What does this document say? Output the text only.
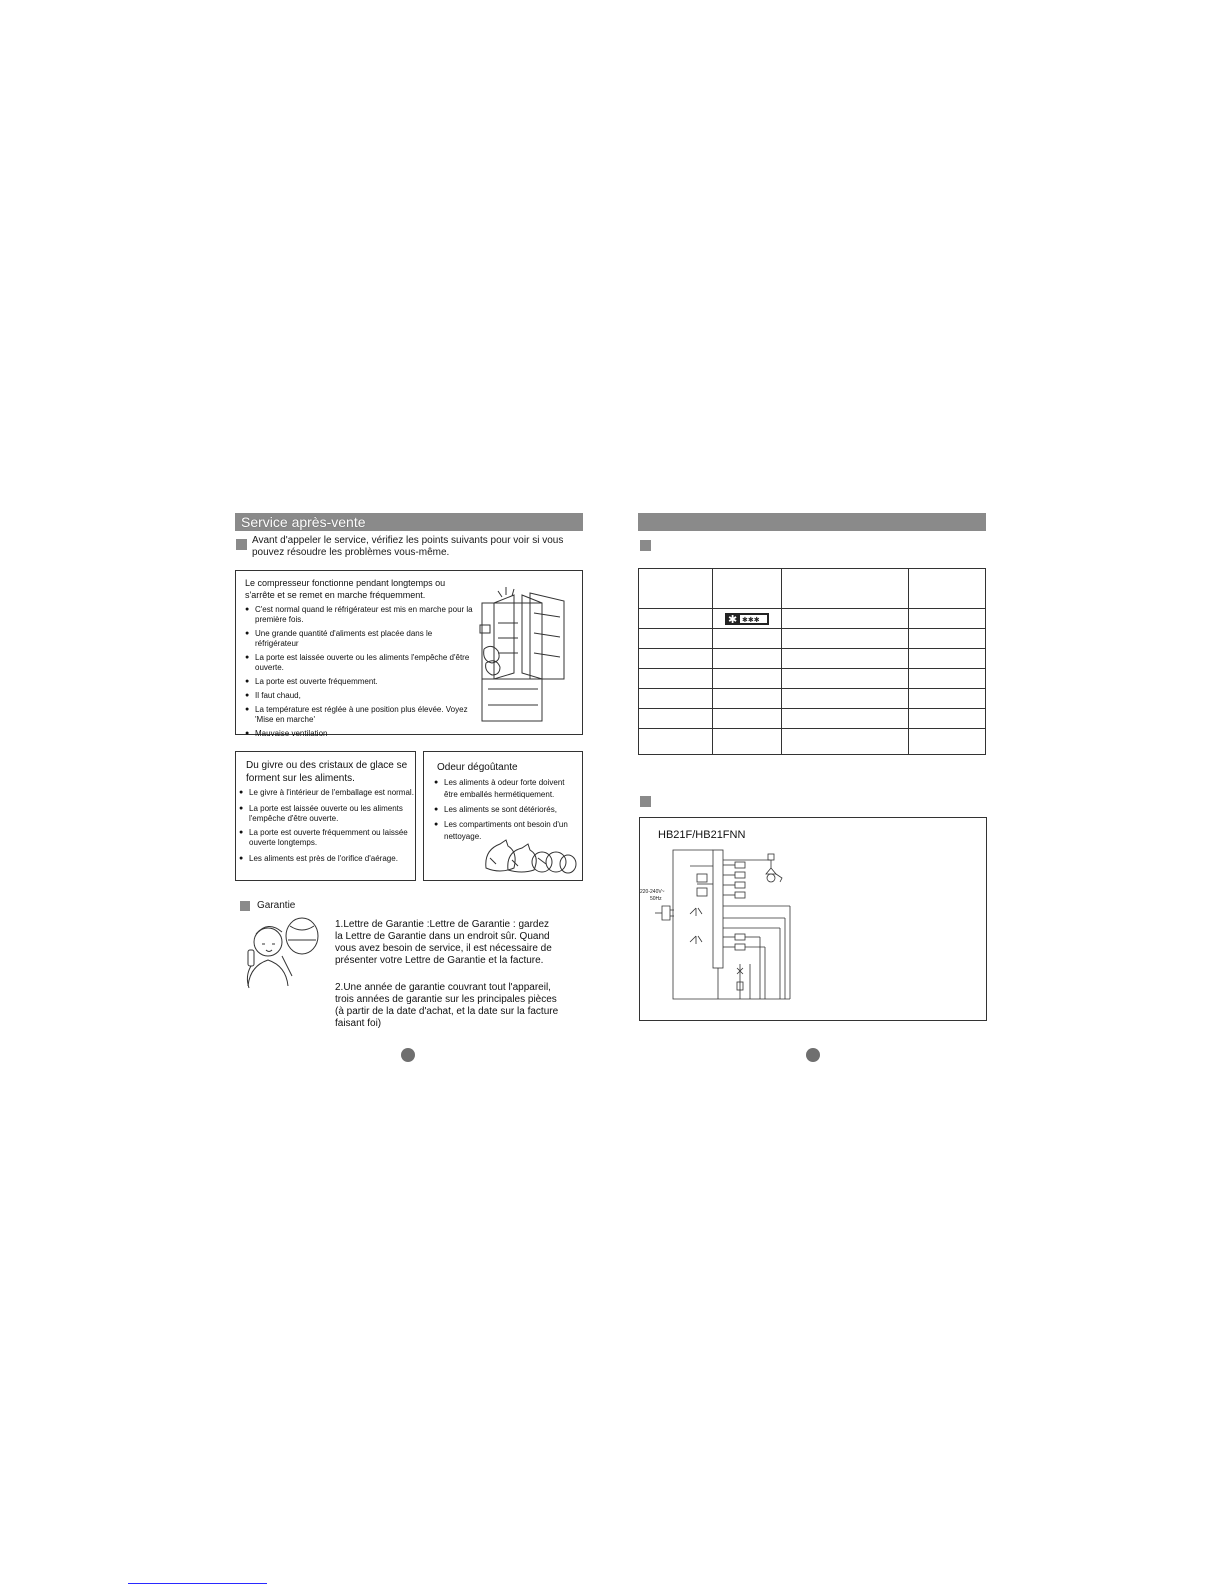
Service après-vente
Avant d'appeler le service, vérifiez les points suivants pour voir si vous pouvez résoudre les problèmes vous-même.
Le compresseur fonctionne pendant longtemps ou s'arrête et se remet en marche fréquemment.
● C'est normal quand le réfrigérateur est mis en marche pour la première fois.
● Une grande quantité d'aliments est placée dans le réfrigérateur
● La porte est laissée ouverte ou les aliments l'empêche d'être ouverte.
● La porte est ouverte fréquemment.
● Il faut chaud,
● La température est réglée à une position plus élevée. Voyez 'Mise en marche'
● Mauvaise ventilation
Du givre ou des cristaux de glace se forment sur les aliments.
● Le givre à l'intérieur de l'emballage est normal.
● La porte est laissée ouverte ou les aliments l'empêche d'être ouverte.
● La porte est ouverte fréquemment ou laissée ouverte longtemps.
● Les aliments est près de l'orifice d'aérage.
Odeur dégoûtante
● Les aliments à odeur forte doivent être emballés hermétiquement.
● Les aliments se sont détériorés,
● Les compartiments ont besoin d'un nettoyage.
Garantie
1.Lettre de Garantie :Lettre de Garantie : gardez la Lettre de Garantie dans un endroit sûr. Quand vous avez besoin de service, il est nécessaire de présenter votre Lettre de Garantie et la facture.
2.Une année de garantie couvrant tout l'appareil, trois années de garantie sur les principales pièces (à partir de la date d'achat, et la date sur la facture faisant foi)

✱ ✱✱✱		

HB21F/HB21FNN
220-240V~
50Hz
